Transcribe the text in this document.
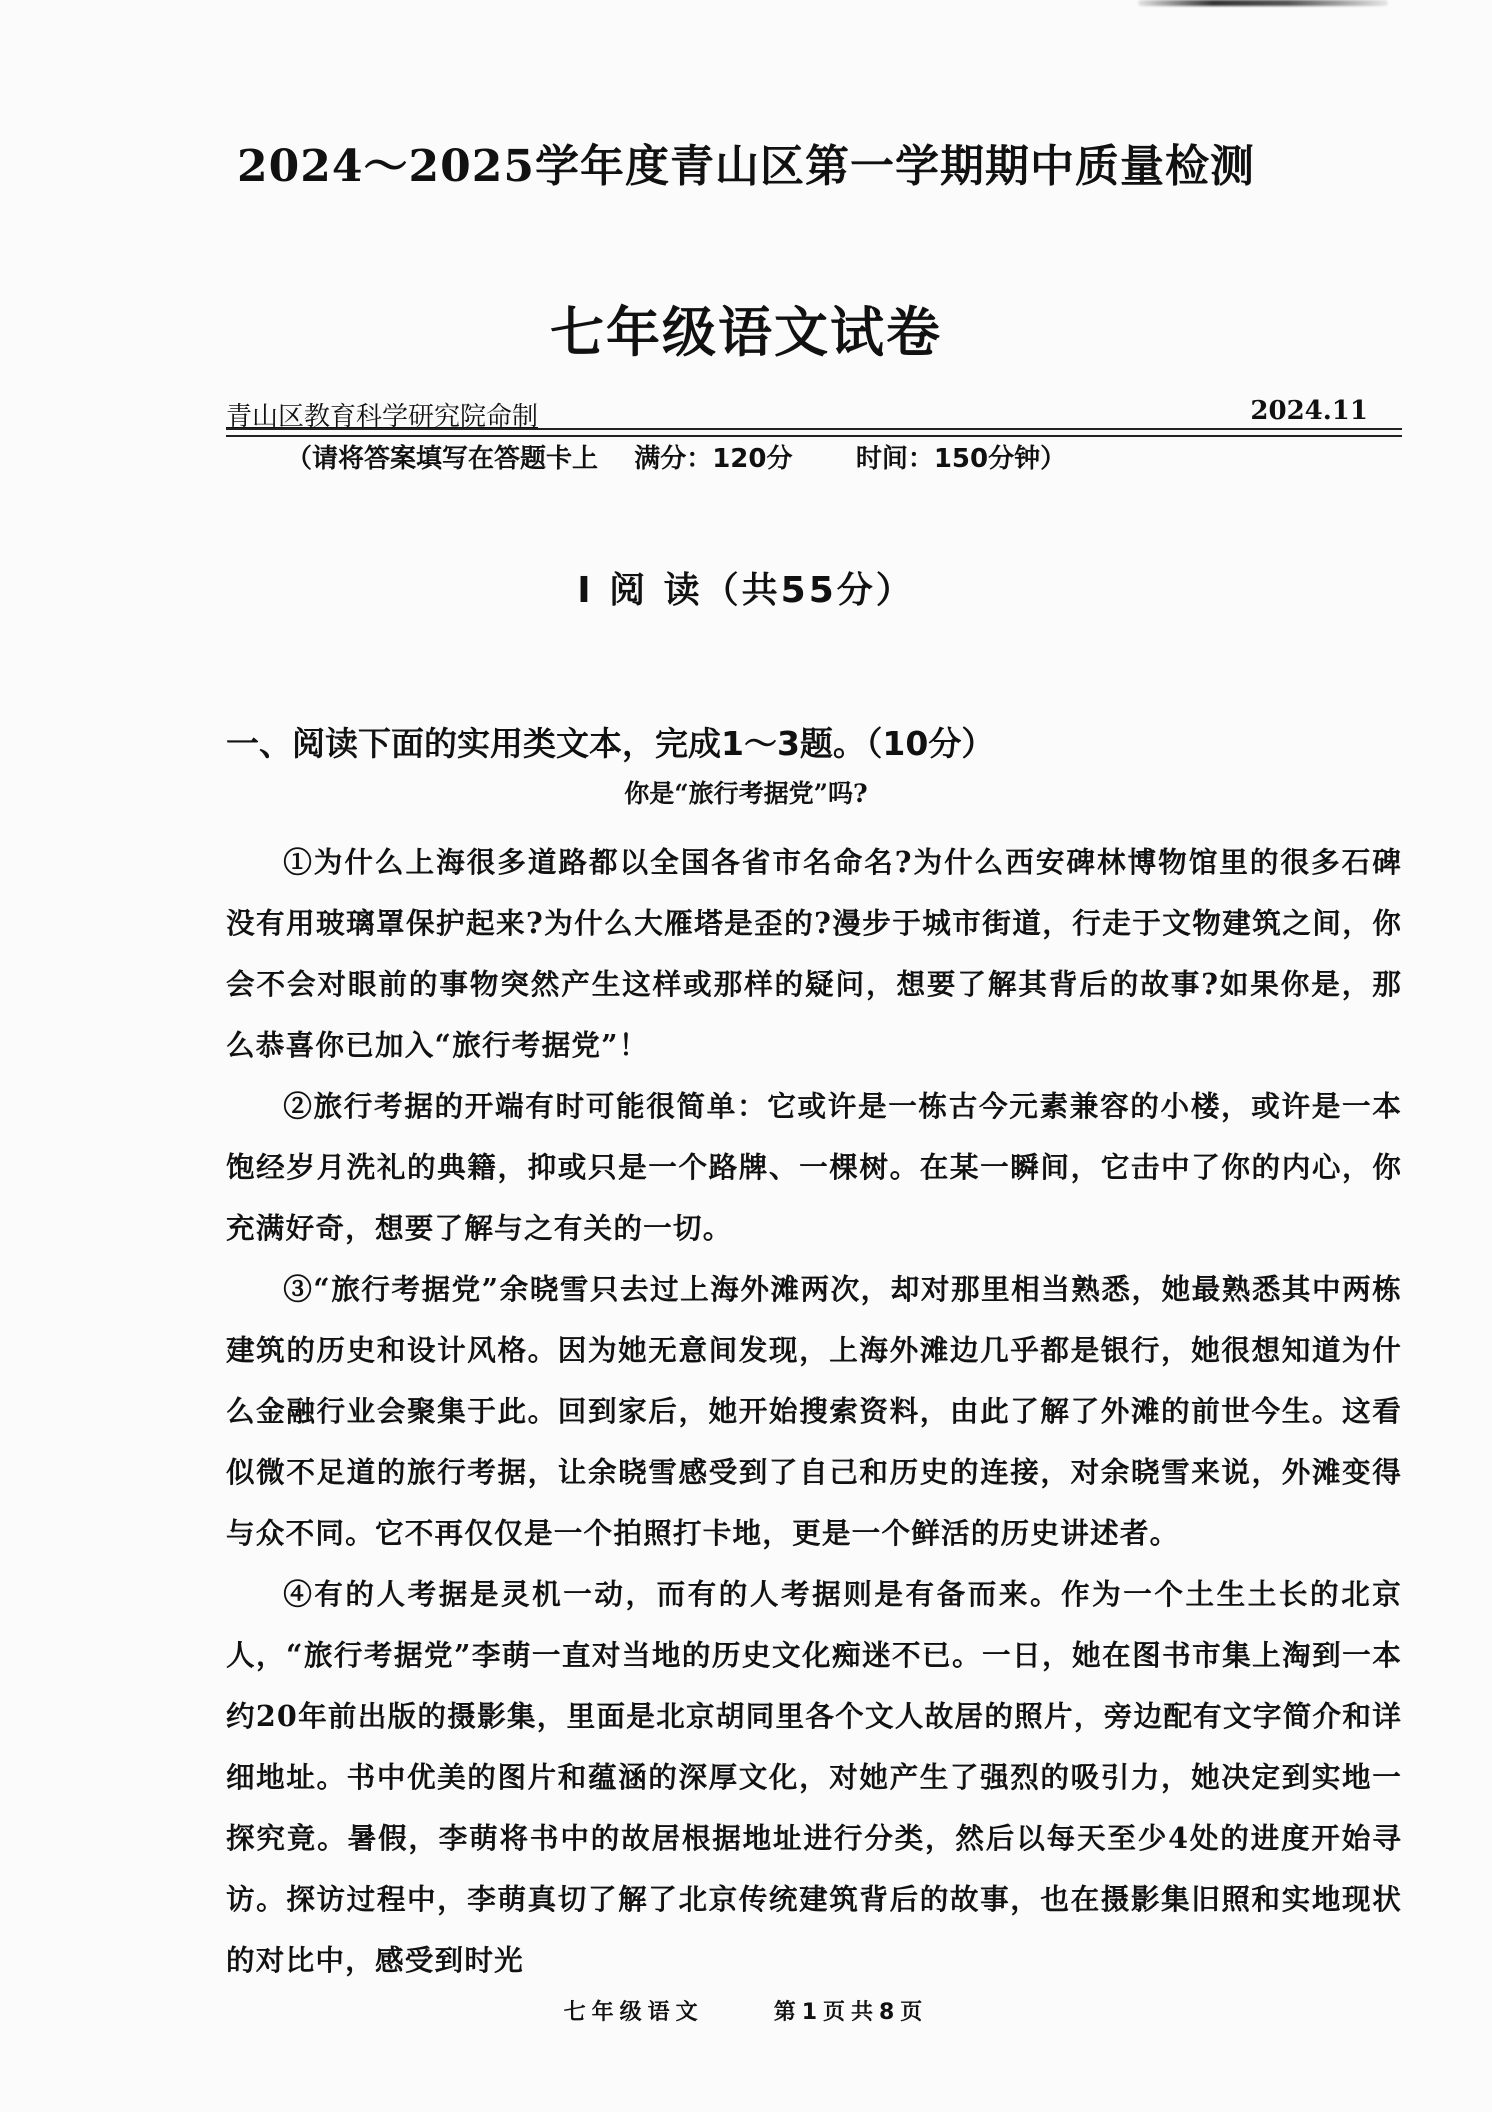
2024～2025学年度青山区第一学期期中质量检测
七年级语文试卷
青山区教育科学研究院命制	2024.11
（请将答案填写在答题卡上    满分：120分       时间：150分钟）
Ⅰ 阅 读（共55分）
一、阅读下面的实用类文本，完成1～3题。（10分）
你是“旅行考据党”吗?

①为什么上海很多道路都以全国各省市名命名?为什么西安碑林博物馆里的很多石碑没有用玻璃罩保护起来?为什么大雁塔是歪的?漫步于城市街道，行走于文物建筑之间，你会不会对眼前的事物突然产生这样或那样的疑问，想要了解其背后的故事?如果你是，那么恭喜你已加入“旅行考据党”！

②旅行考据的开端有时可能很简单：它或许是一栋古今元素兼容的小楼，或许是一本饱经岁月洗礼的典籍，抑或只是一个路牌、一棵树。在某一瞬间，它击中了你的内心，你充满好奇，想要了解与之有关的一切。

③“旅行考据党”余晓雪只去过上海外滩两次，却对那里相当熟悉，她最熟悉其中两栋建筑的历史和设计风格。因为她无意间发现，上海外滩边几乎都是银行，她很想知道为什么金融行业会聚集于此。回到家后，她开始搜索资料，由此了解了外滩的前世今生。这看似微不足道的旅行考据，让余晓雪感受到了自己和历史的连接，对余晓雪来说，外滩变得与众不同。它不再仅仅是一个拍照打卡地，更是一个鲜活的历史讲述者。

④有的人考据是灵机一动，而有的人考据则是有备而来。作为一个土生土长的北京人，“旅行考据党”李萌一直对当地的历史文化痴迷不已。一日，她在图书市集上淘到一本约20年前出版的摄影集，里面是北京胡同里各个文人故居的照片，旁边配有文字简介和详细地址。书中优美的图片和蕴涵的深厚文化，对她产生了强烈的吸引力，她决定到实地一探究竟。暑假，李萌将书中的故居根据地址进行分类，然后以每天至少4处的进度开始寻访。探访过程中，李萌真切了解了北京传统建筑背后的故事，也在摄影集旧照和实地现状的对比中，感受到时光

七年级语文	第1页共8页
